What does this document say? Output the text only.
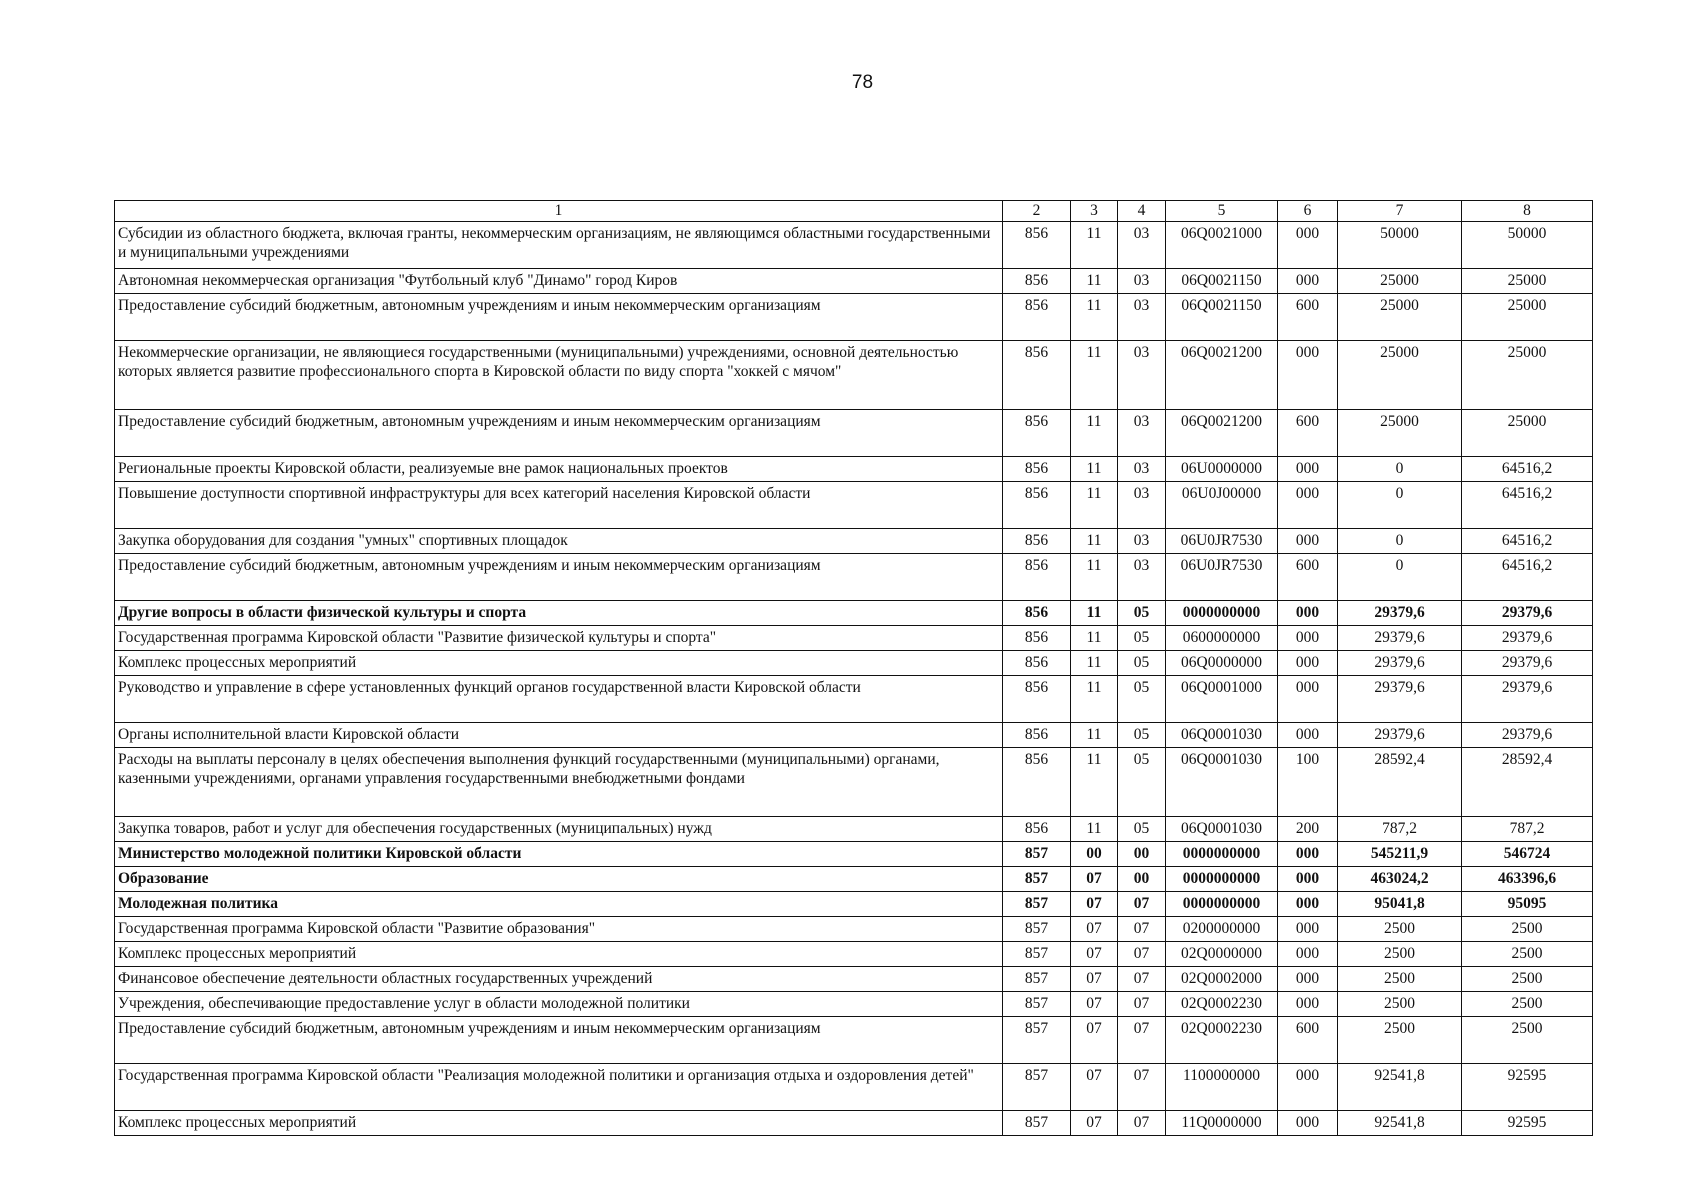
78
1	2	3	4	5	6	7	8
Субсидии из областного бюджета, включая гранты, некоммерческим организациям, не являющимся областными государственными и муниципальными учреждениями	856	11	03	06Q0021000	000	50000	50000
Автономная некоммерческая организация "Футбольный клуб "Динамо" город Киров	856	11	03	06Q0021150	000	25000	25000
Предоставление субсидий бюджетным, автономным учреждениям и иным некоммерческим организациям	856	11	03	06Q0021150	600	25000	25000
Некоммерческие организации, не являющиеся государственными (муниципальными) учреждениями, основной деятельностью которых является развитие профессионального спорта в Кировской области по виду спорта "хоккей с мячом"	856	11	03	06Q0021200	000	25000	25000
Предоставление субсидий бюджетным, автономным учреждениям и иным некоммерческим организациям	856	11	03	06Q0021200	600	25000	25000
Региональные проекты Кировской области, реализуемые вне рамок национальных проектов	856	11	03	06U0000000	000	0	64516,2
Повышение доступности спортивной инфраструктуры для всех категорий населения Кировской области	856	11	03	06U0J00000	000	0	64516,2
Закупка оборудования для создания "умных" спортивных площадок	856	11	03	06U0JR7530	000	0	64516,2
Предоставление субсидий бюджетным, автономным учреждениям и иным некоммерческим организациям	856	11	03	06U0JR7530	600	0	64516,2
Другие вопросы в области физической культуры и спорта	856	11	05	0000000000	000	29379,6	29379,6
Государственная программа Кировской области "Развитие физической культуры и спорта"	856	11	05	0600000000	000	29379,6	29379,6
Комплекс процессных мероприятий	856	11	05	06Q0000000	000	29379,6	29379,6
Руководство и управление в сфере установленных функций органов государственной власти Кировской области	856	11	05	06Q0001000	000	29379,6	29379,6
Органы исполнительной власти Кировской области	856	11	05	06Q0001030	000	29379,6	29379,6
Расходы на выплаты персоналу в целях обеспечения выполнения функций государственными (муниципальными) органами, казенными учреждениями, органами управления государственными внебюджетными фондами	856	11	05	06Q0001030	100	28592,4	28592,4
Закупка товаров, работ и услуг для обеспечения государственных (муниципальных) нужд	856	11	05	06Q0001030	200	787,2	787,2
Министерство молодежной политики Кировской области	857	00	00	0000000000	000	545211,9	546724
Образование	857	07	00	0000000000	000	463024,2	463396,6
Молодежная политика	857	07	07	0000000000	000	95041,8	95095
Государственная программа Кировской области "Развитие образования"	857	07	07	0200000000	000	2500	2500
Комплекс процессных мероприятий	857	07	07	02Q0000000	000	2500	2500
Финансовое обеспечение деятельности областных государственных учреждений	857	07	07	02Q0002000	000	2500	2500
Учреждения, обеспечивающие предоставление услуг в области молодежной политики	857	07	07	02Q0002230	000	2500	2500
Предоставление субсидий бюджетным, автономным учреждениям и иным некоммерческим организациям	857	07	07	02Q0002230	600	2500	2500
Государственная программа Кировской области "Реализация молодежной политики и организация отдыха и оздоровления детей"	857	07	07	1100000000	000	92541,8	92595
Комплекс процессных мероприятий	857	07	07	11Q0000000	000	92541,8	92595
